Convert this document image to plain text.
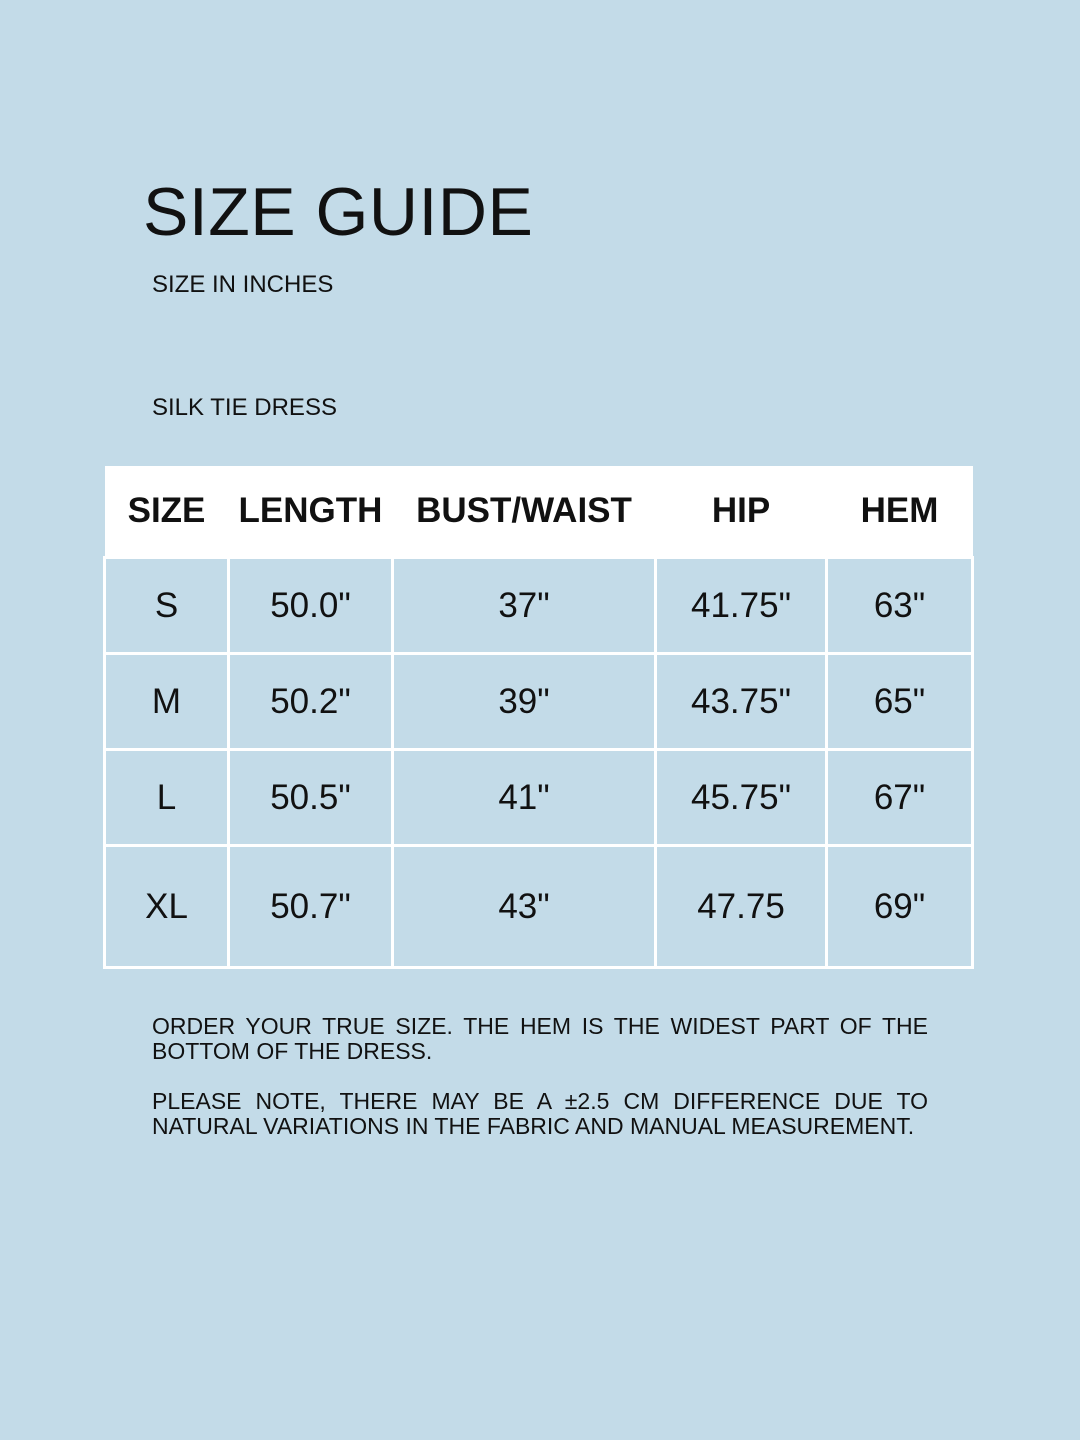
SIZE GUIDE

SIZE IN INCHES

SILK TIE DRESS

SIZE	LENGTH	BUST/WAIST	HIP	HEM
S	50.0"	37"	41.75"	63"
M	50.2"	39"	43.75"	65"
L	50.5"	41"	45.75"	67"
XL	50.7"	43"	47.75	69"

ORDER YOUR TRUE SIZE. THE HEM IS THE WIDEST PART OF THE BOTTOM OF THE DRESS.

PLEASE NOTE, THERE MAY BE A ±2.5 CM DIFFERENCE DUE TO NATURAL VARIATIONS IN THE FABRIC AND MANUAL MEASUREMENT.
